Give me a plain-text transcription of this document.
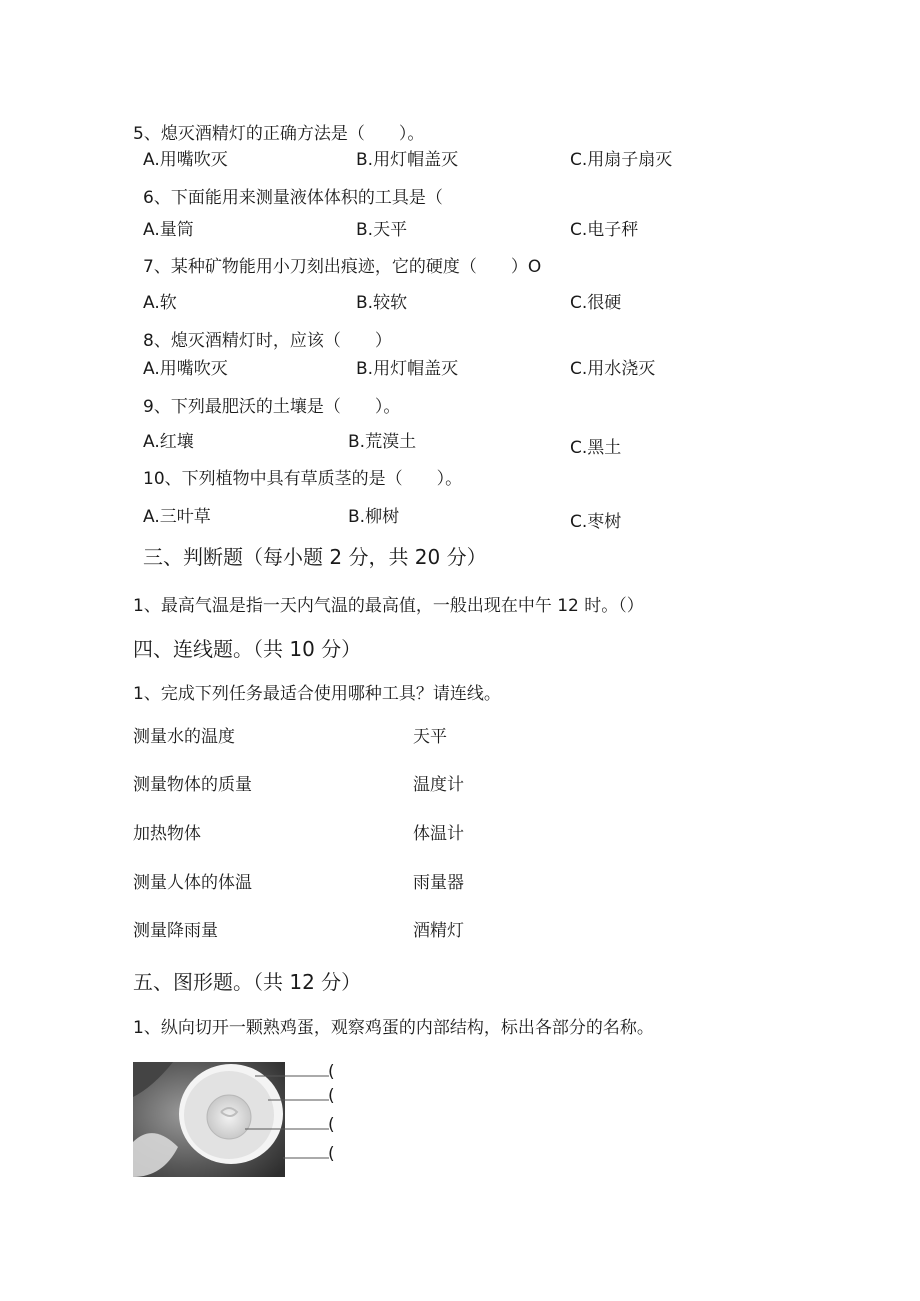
5、熄灭酒精灯的正确方法是（　　）。
A.用嘴吹灭	B.用灯帽盖灭	C.用扇子扇灭
6、下面能用来测量液体体积的工具是（
A.量筒	B.天平	C.电子秤
7、某种矿物能用小刀刻出痕迹，它的硬度（　　）O
A.软	B.较软	C.很硬
8、熄灭酒精灯时，应该（　　）
A.用嘴吹灭	B.用灯帽盖灭	C.用水浇灭
9、下列最肥沃的土壤是（　　）。
A.红壤	B.荒漠土	C.黑土
10、下列植物中具有草质茎的是（　　）。
A.三叶草	B.柳树	C.枣树
三、判断题（每小题 2 分，共 20 分）
1、最高气温是指一天内气温的最高值，一般出现在中午 12 时。（）
四、连线题。（共 10 分）
1、完成下列任务最适合使用哪种工具？请连线。
测量水的温度	天平
测量物体的质量	温度计
加热物体	体温计
测量人体的体温	雨量器
测量降雨量	酒精灯
五、图形题。（共 12 分）
1、纵向切开一颗熟鸡蛋，观察鸡蛋的内部结构，标出各部分的名称。
(
(
(
(
